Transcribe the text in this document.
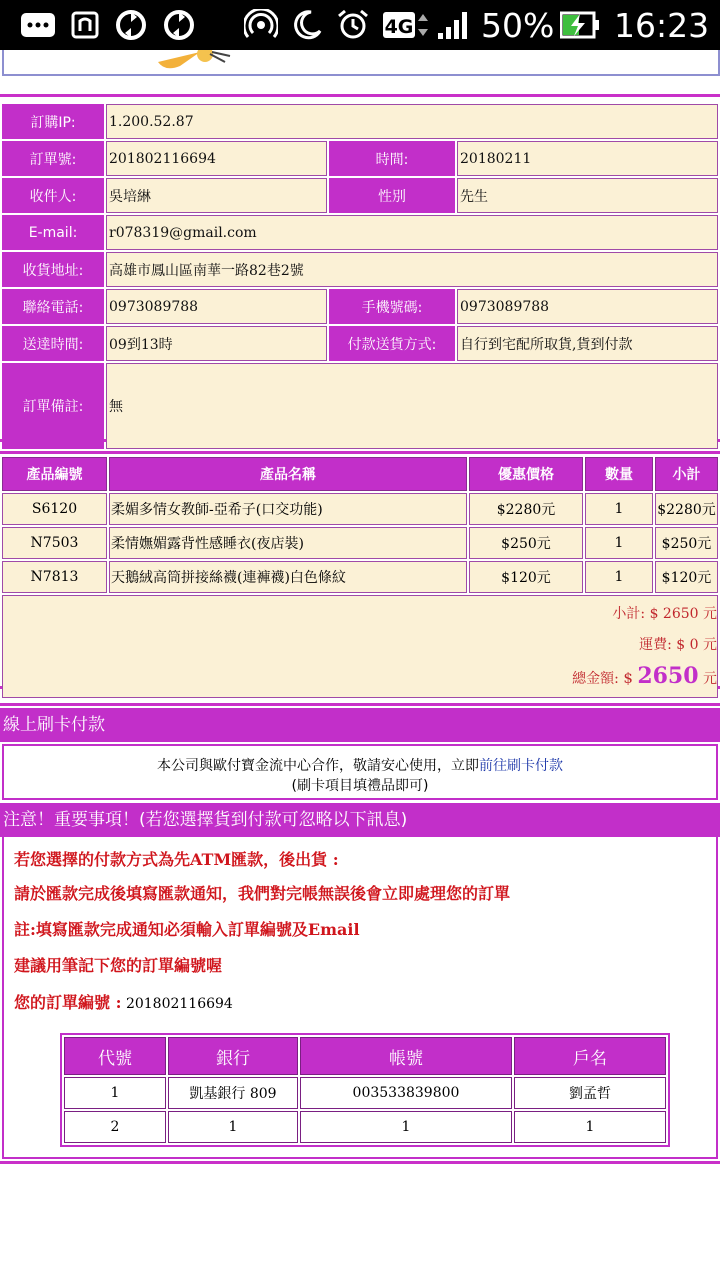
4G 50% 16:23
訂購IP:	1.200.52.87		
訂單號:	201802116694	時間:	20180211
收件人:	吳培綝	性別	先生
E-mail:	r078319@gmail.com		
收貨地址:	高雄市鳳山區南華一路82巷2號		
聯絡電話:	0973089788	手機號碼:	0973089788
送達時間:	09到13時	付款送貨方式:	自行到宅配所取貨,貨到付款
訂單備註:	無		
產品編號	產品名稱	優惠價格	數量	小計
S6120	柔媚多情女教師-亞希子(口交功能)	$2280元	1	$2280元
N7503	柔情嫵媚露背性感睡衣(夜店裝)	$250元	1	$250元
N7813	天鵝絨高筒拼接絲襪(連褲襪)白色條紋	$120元	1	$120元

小計: $ 2650 元
運費: $ 0 元
總金額: $ 2650 元				
線上刷卡付款
本公司與歐付寶金流中心合作，敬請安心使用，立即前往刷卡付款
(刷卡項目填禮品即可)
注意！重要事項！(若您選擇貨到付款可忽略以下訊息)
若您選擇的付款方式為先ATM匯款，後出貨 :
請於匯款完成後填寫匯款通知，我們對完帳無誤後會立即處理您的訂單
註:填寫匯款完成通知必須輸入訂單編號及Email
建議用筆記下您的訂單編號喔
您的訂單編號 : 201802116694
代號	銀行	帳號	戶名
1	凱基銀行 809	003533839800	劉孟哲
2	1	1	1
